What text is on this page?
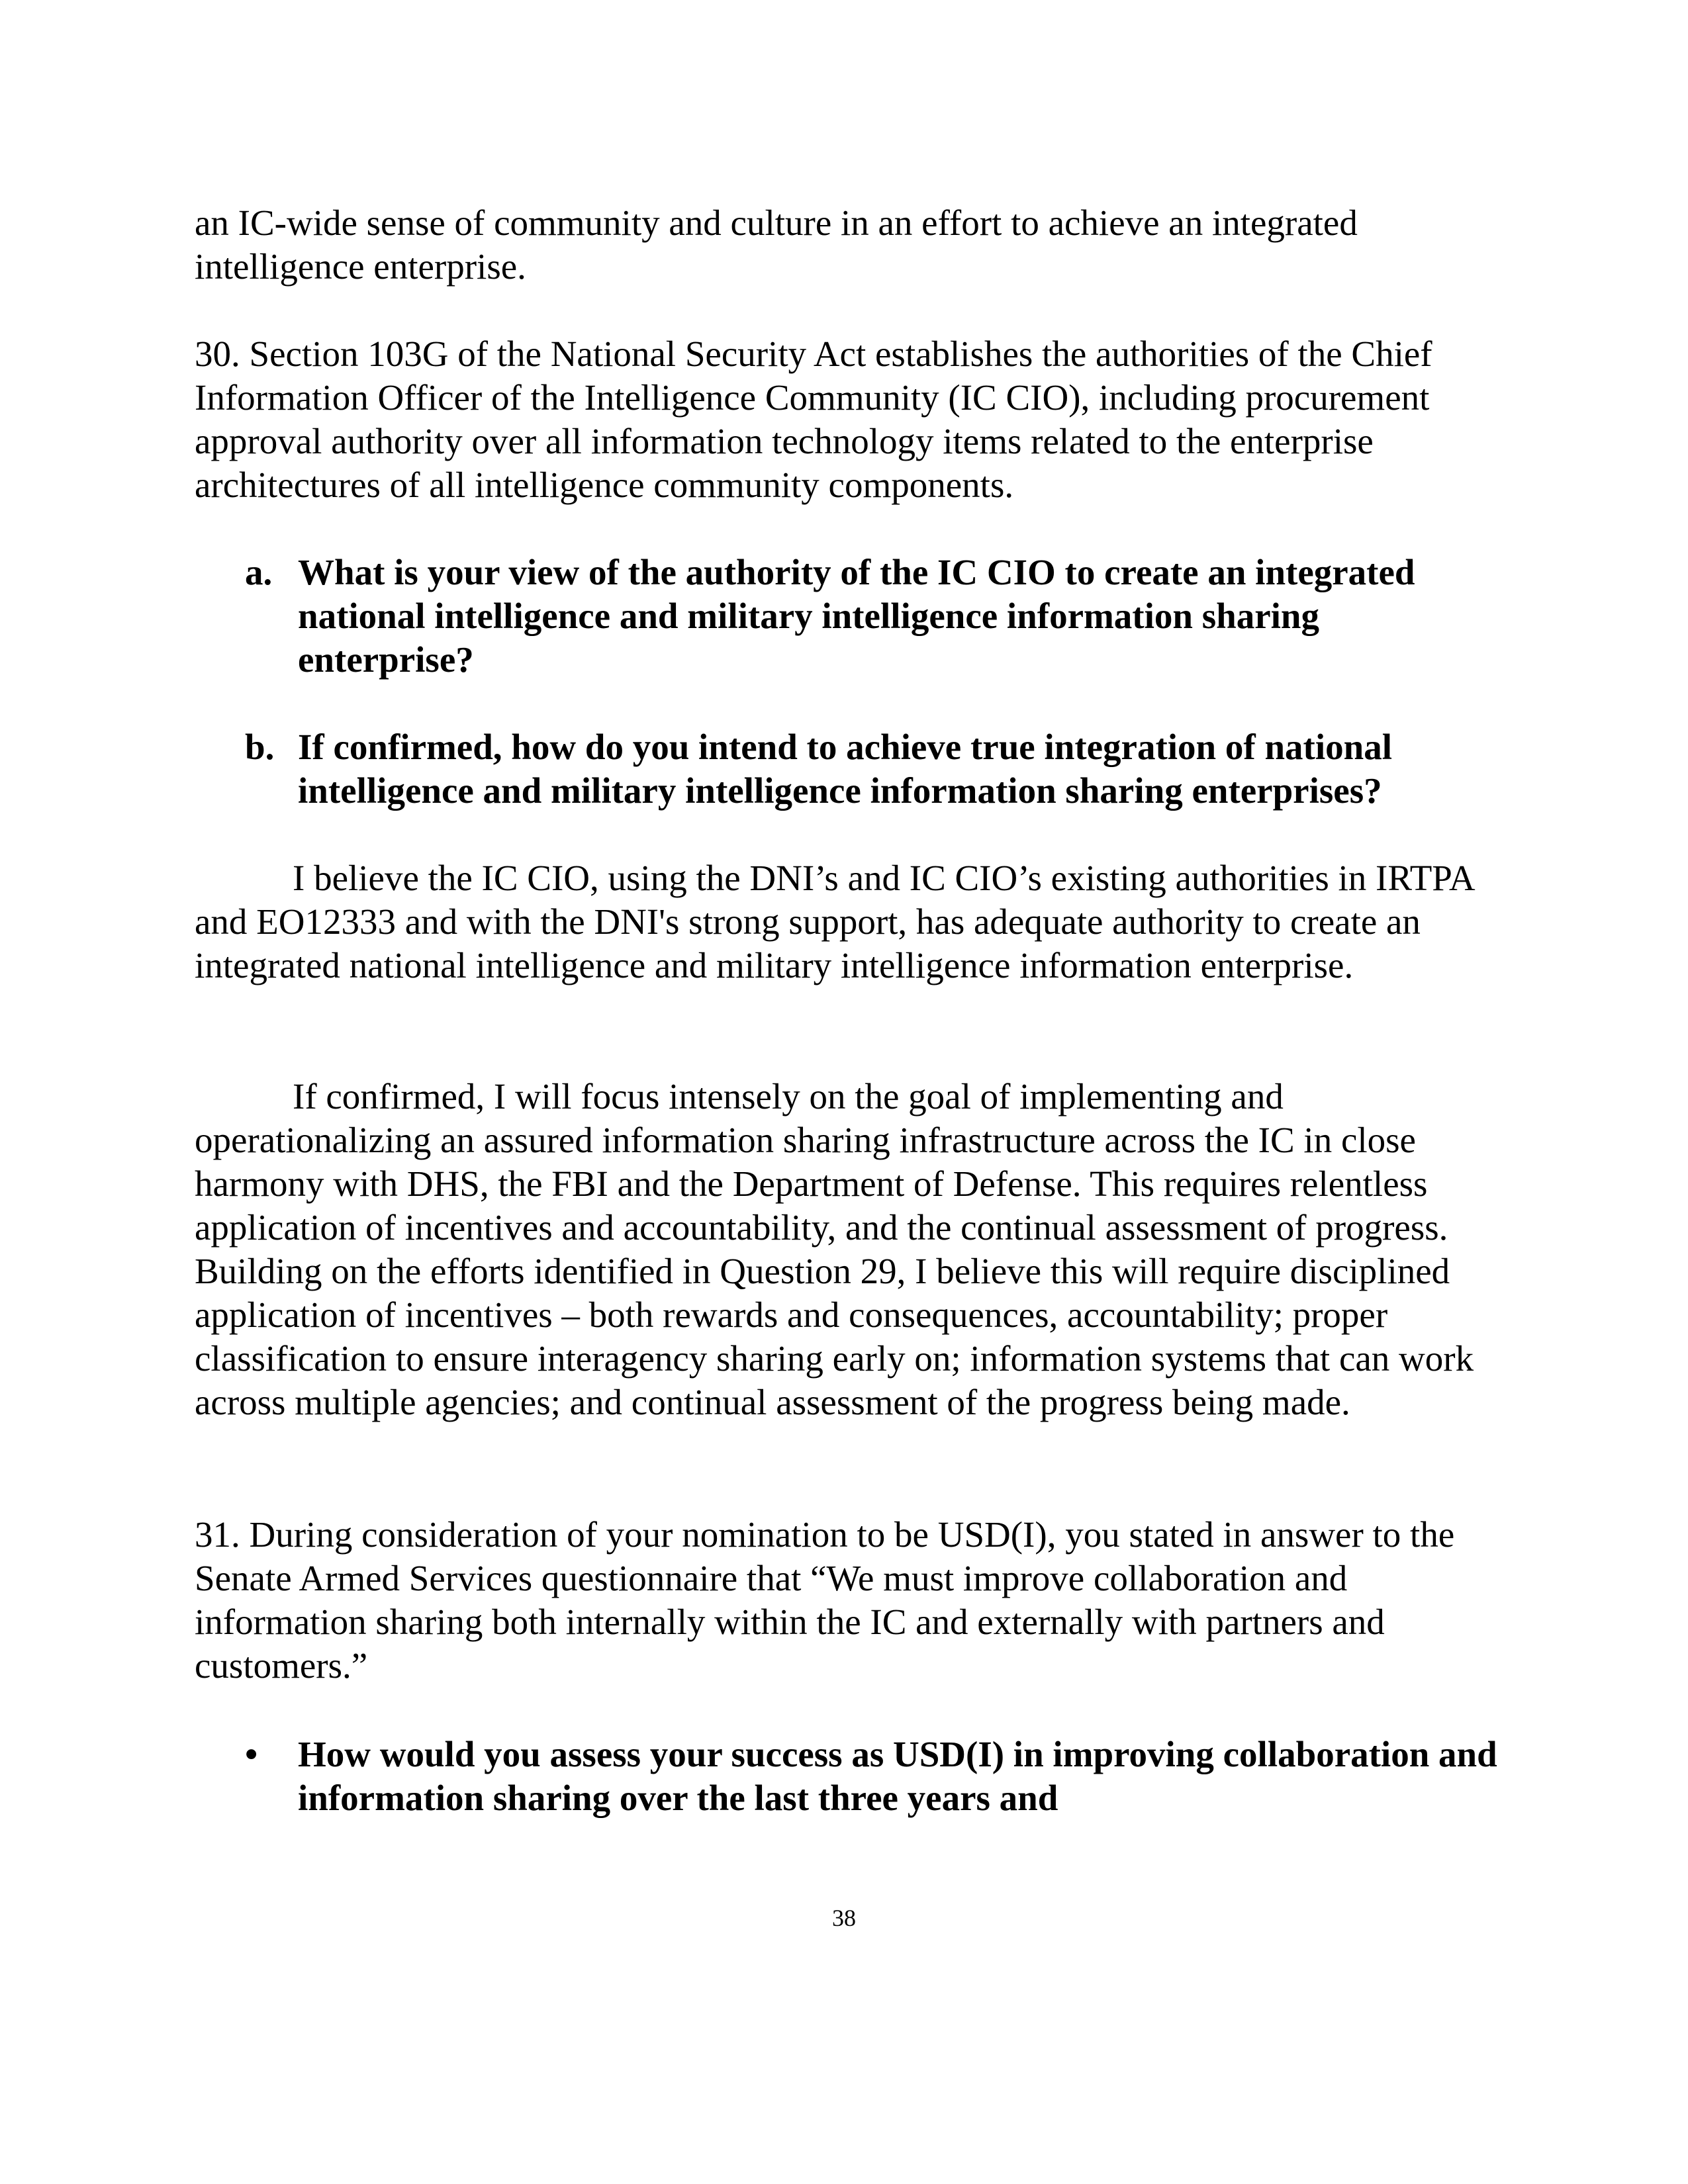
an IC-wide sense of community and culture in an effort to achieve an integrated intelligence enterprise.

30. Section 103G of the National Security Act establishes the authorities of the Chief Information Officer of the Intelligence Community (IC CIO), including procurement approval authority over all information technology items related to the enterprise architectures of all intelligence community components.

a. What is your view of the authority of the IC CIO to create an integrated national intelligence and military intelligence information sharing enterprise?
b. If confirmed, how do you intend to achieve true integration of national intelligence and military intelligence information sharing enterprises?

I believe the IC CIO, using the DNI’s and IC CIO’s existing authorities in IRTPA and EO12333 and with the DNI's strong support, has adequate authority to create an integrated national intelligence and military intelligence information enterprise.

If confirmed, I will focus intensely on the goal of implementing and operationalizing an assured information sharing infrastructure across the IC in close harmony with DHS, the FBI and the Department of Defense. This requires relentless application of incentives and accountability, and the continual assessment of progress. Building on the efforts identified in Question 29, I believe this will require disciplined application of incentives – both rewards and consequences, accountability; proper classification to ensure interagency sharing early on; information systems that can work across multiple agencies; and continual assessment of the progress being made.

31. During consideration of your nomination to be USD(I), you stated in answer to the Senate Armed Services questionnaire that “We must improve collaboration and information sharing both internally within the IC and externally with partners and customers.”

• How would you assess your success as USD(I) in improving collaboration and information sharing over the last three years and
38
